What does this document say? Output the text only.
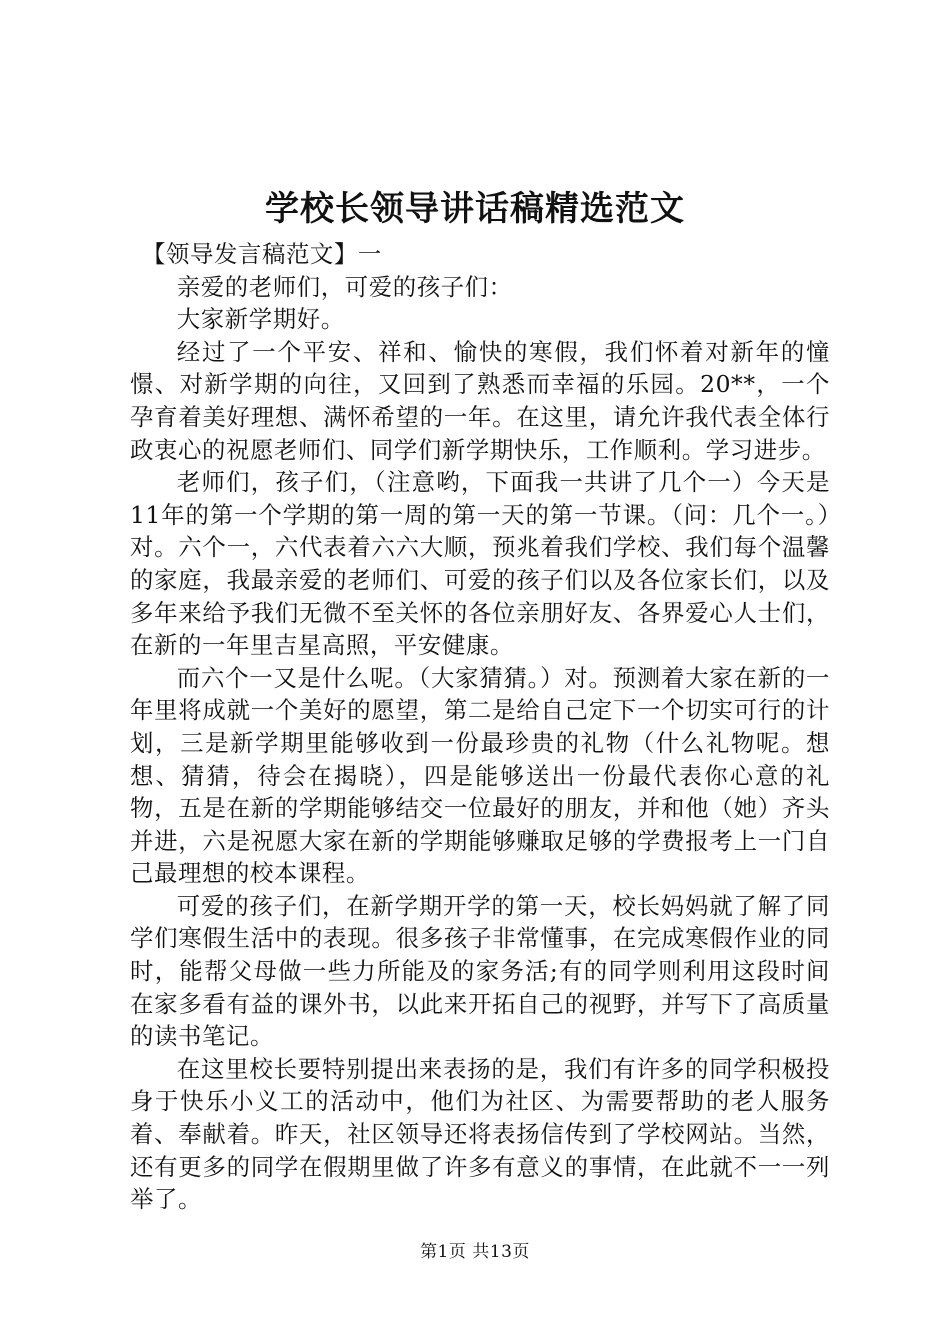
学校长领导讲话稿精选范文

【领导发言稿范文】一

亲爱的老师们，可爱的孩子们：

大家新学期好。

经过了一个平安、祥和、愉快的寒假，我们怀着对新年的憧憬、对新学期的向往，又回到了熟悉而幸福的乐园。20**，一个孕育着美好理想、满怀希望的一年。在这里，请允许我代表全体行政衷心的祝愿老师们、同学们新学期快乐，工作顺利。学习进步。

老师们，孩子们，（注意哟，下面我一共讲了几个一）今天是11年的第一个学期的第一周的第一天的第一节课。（问：几个一。）对。六个一，六代表着六六大顺，预兆着我们学校、我们每个温馨的家庭，我最亲爱的老师们、可爱的孩子们以及各位家长们，以及多年来给予我们无微不至关怀的各位亲朋好友、各界爱心人士们，在新的一年里吉星高照，平安健康。

而六个一又是什么呢。（大家猜猜。）对。预测着大家在新的一年里将成就一个美好的愿望，第二是给自己定下一个切实可行的计划，三是新学期里能够收到一份最珍贵的礼物（什么礼物呢。想想、猜猜，待会在揭晓），四是能够送出一份最代表你心意的礼物，五是在新的学期能够结交一位最好的朋友，并和他（她）齐头并进，六是祝愿大家在新的学期能够赚取足够的学费报考上一门自己最理想的校本课程。

可爱的孩子们，在新学期开学的第一天，校长妈妈就了解了同学们寒假生活中的表现。很多孩子非常懂事，在完成寒假作业的同时，能帮父母做一些力所能及的家务活;有的同学则利用这段时间在家多看有益的课外书，以此来开拓自己的视野，并写下了高质量的读书笔记。

在这里校长要特别提出来表扬的是，我们有许多的同学积极投身于快乐小义工的活动中，他们为社区、为需要帮助的老人服务着、奉献着。昨天，社区领导还将表扬信传到了学校网站。当然，还有更多的同学在假期里做了许多有意义的事情，在此就不一一列举了。

第1页 共13页
